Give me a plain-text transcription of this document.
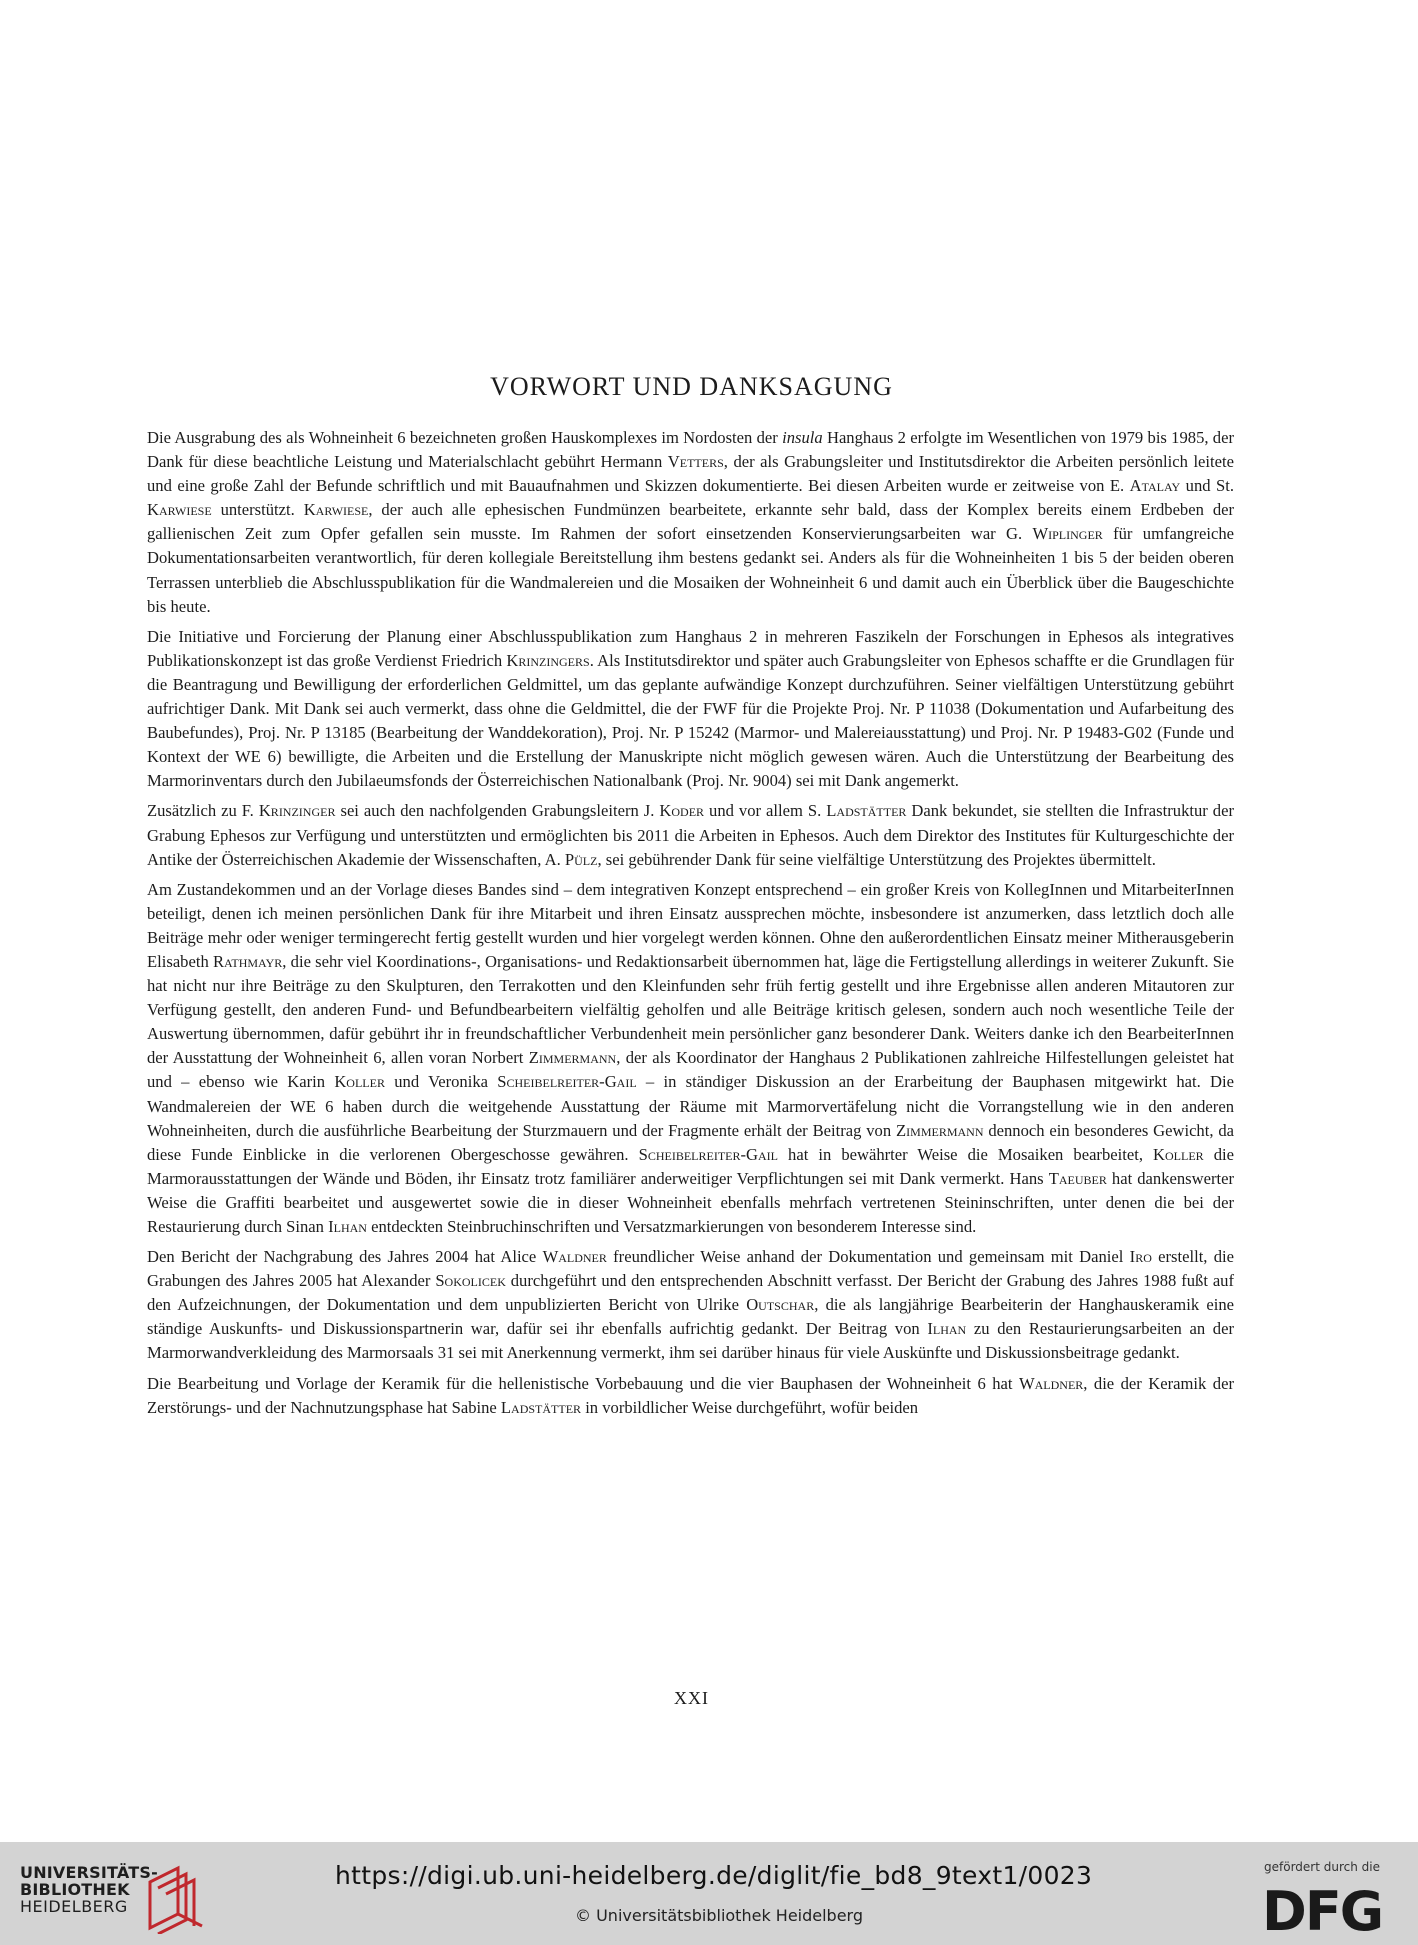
VORWORT UND DANKSAGUNG

Die Ausgrabung des als Wohneinheit 6 bezeichneten großen Hauskomplexes im Nordosten der insula Hanghaus 2 erfolgte im Wesentlichen von 1979 bis 1985, der Dank für diese beachtliche Leistung und Materialschlacht gebührt Hermann Vetters, der als Grabungsleiter und Institutsdirektor die Arbeiten persönlich leitete und eine große Zahl der Befunde schriftlich und mit Bauaufnahmen und Skizzen dokumentierte. Bei diesen Arbeiten wurde er zeitweise von E. Atalay und St. Karwiese unterstützt. Karwiese, der auch alle ephesischen Fundmünzen bearbeitete, erkannte sehr bald, dass der Komplex bereits einem Erdbeben der gallienischen Zeit zum Opfer gefallen sein musste. Im Rahmen der sofort einsetzenden Konservierungsarbeiten war G. Wiplinger für umfangreiche Dokumentationsarbeiten verantwortlich, für deren kollegiale Bereitstellung ihm bestens gedankt sei. Anders als für die Wohneinheiten 1 bis 5 der beiden oberen Terrassen unterblieb die Abschlusspublikation für die Wandmalereien und die Mosaiken der Wohneinheit 6 und damit auch ein Überblick über die Baugeschichte bis heute.

Die Initiative und Forcierung der Planung einer Abschlusspublikation zum Hanghaus 2 in mehreren Faszikeln der Forschungen in Ephesos als integratives Publikationskonzept ist das große Verdienst Friedrich Krinzingers. Als Institutsdirektor und später auch Grabungsleiter von Ephesos schaffte er die Grundlagen für die Beantragung und Bewilligung der erforderlichen Geldmittel, um das geplante aufwändige Konzept durchzuführen. Seiner vielfältigen Unterstützung gebührt aufrichtiger Dank. Mit Dank sei auch vermerkt, dass ohne die Geldmittel, die der FWF für die Projekte Proj. Nr. P 11038 (Dokumentation und Aufarbeitung des Baubefundes), Proj. Nr. P 13185 (Bearbeitung der Wanddekoration), Proj. Nr. P 15242 (Marmor- und Malereiausstattung) und Proj. Nr. P 19483-G02 (Funde und Kontext der WE 6) bewilligte, die Arbeiten und die Erstellung der Manuskripte nicht möglich gewesen wären. Auch die Unterstützung der Bearbeitung des Marmorinventars durch den Jubilaeumsfonds der Österreichischen Nationalbank (Proj. Nr. 9004) sei mit Dank angemerkt.

Zusätzlich zu F. Krinzinger sei auch den nachfolgenden Grabungsleitern J. Koder und vor allem S. Ladstätter Dank bekundet, sie stellten die Infrastruktur der Grabung Ephesos zur Verfügung und unterstützten und ermöglichten bis 2011 die Arbeiten in Ephesos. Auch dem Direktor des Institutes für Kulturgeschichte der Antike der Österreichischen Akademie der Wissenschaften, A. Pülz, sei gebührender Dank für seine vielfältige Unterstützung des Projektes übermittelt.

Am Zustandekommen und an der Vorlage dieses Bandes sind – dem integrativen Konzept entsprechend – ein großer Kreis von KollegInnen und MitarbeiterInnen beteiligt, denen ich meinen persönlichen Dank für ihre Mitarbeit und ihren Einsatz aussprechen möchte, insbesondere ist anzumerken, dass letztlich doch alle Beiträge mehr oder weniger termingerecht fertig gestellt wurden und hier vorgelegt werden können. Ohne den außerordentlichen Einsatz meiner Mitherausgeberin Elisabeth Rathmayr, die sehr viel Koordinations-, Organisations- und Redaktionsarbeit übernommen hat, läge die Fertigstellung allerdings in weiterer Zukunft. Sie hat nicht nur ihre Beiträge zu den Skulpturen, den Terrakotten und den Kleinfunden sehr früh fertig gestellt und ihre Ergebnisse allen anderen Mitautoren zur Verfügung gestellt, den anderen Fund- und Befundbearbeitern vielfältig geholfen und alle Beiträge kritisch gelesen, sondern auch noch wesentliche Teile der Auswertung übernommen, dafür gebührt ihr in freundschaftlicher Verbundenheit mein persönlicher ganz besonderer Dank. Weiters danke ich den BearbeiterInnen der Ausstattung der Wohneinheit 6, allen voran Norbert Zimmermann, der als Koordinator der Hanghaus 2 Publikationen zahlreiche Hilfestellungen geleistet hat und – ebenso wie Karin Koller und Veronika Scheibelreiter-Gail – in ständiger Diskussion an der Erarbeitung der Bauphasen mitgewirkt hat. Die Wandmalereien der WE 6 haben durch die weitgehende Ausstattung der Räume mit Marmorvertäfelung nicht die Vorrangstellung wie in den anderen Wohneinheiten, durch die ausführliche Bearbeitung der Sturzmauern und der Fragmente erhält der Beitrag von Zimmermann dennoch ein besonderes Gewicht, da diese Funde Einblicke in die verlorenen Obergeschosse gewähren. Scheibelreiter-Gail hat in bewährter Weise die Mosaiken bearbeitet, Koller die Marmorausstattungen der Wände und Böden, ihr Einsatz trotz familiärer anderweitiger Verpflichtungen sei mit Dank vermerkt. Hans Taeuber hat dankenswerter Weise die Graffiti bearbeitet und ausgewertet sowie die in dieser Wohneinheit ebenfalls mehrfach vertretenen Steininschriften, unter denen die bei der Restaurierung durch Sinan Ilhan entdeckten Steinbruchinschriften und Versatzmarkierungen von besonderem Interesse sind.

Den Bericht der Nachgrabung des Jahres 2004 hat Alice Waldner freundlicher Weise anhand der Dokumentation und gemeinsam mit Daniel Iro erstellt, die Grabungen des Jahres 2005 hat Alexander Sokolicek durchgeführt und den entsprechenden Abschnitt verfasst. Der Bericht der Grabung des Jahres 1988 fußt auf den Aufzeichnungen, der Dokumentation und dem unpublizierten Bericht von Ulrike Outschar, die als langjährige Bearbeiterin der Hanghauskeramik eine ständige Auskunfts- und Diskussionspartnerin war, dafür sei ihr ebenfalls aufrichtig gedankt. Der Beitrag von Ilhan zu den Restaurierungsarbeiten an der Marmorwandverkleidung des Marmorsaals 31 sei mit Anerkennung vermerkt, ihm sei darüber hinaus für viele Auskünfte und Diskussionsbeitrage gedankt.

Die Bearbeitung und Vorlage der Keramik für die hellenistische Vorbebauung und die vier Bauphasen der Wohneinheit 6 hat Waldner, die der Keramik der Zerstörungs- und der Nachnutzungsphase hat Sabine Ladstätter in vorbildlicher Weise durchgeführt, wofür beiden

XXI
UNIVERSITÄTS-
BIBLIOTHEK
HEIDELBERG
https://digi.ub.uni-heidelberg.de/diglit/fie_bd8_9text1/0023
© Universitätsbibliothek Heidelberg
gefördert durch die
DFG
